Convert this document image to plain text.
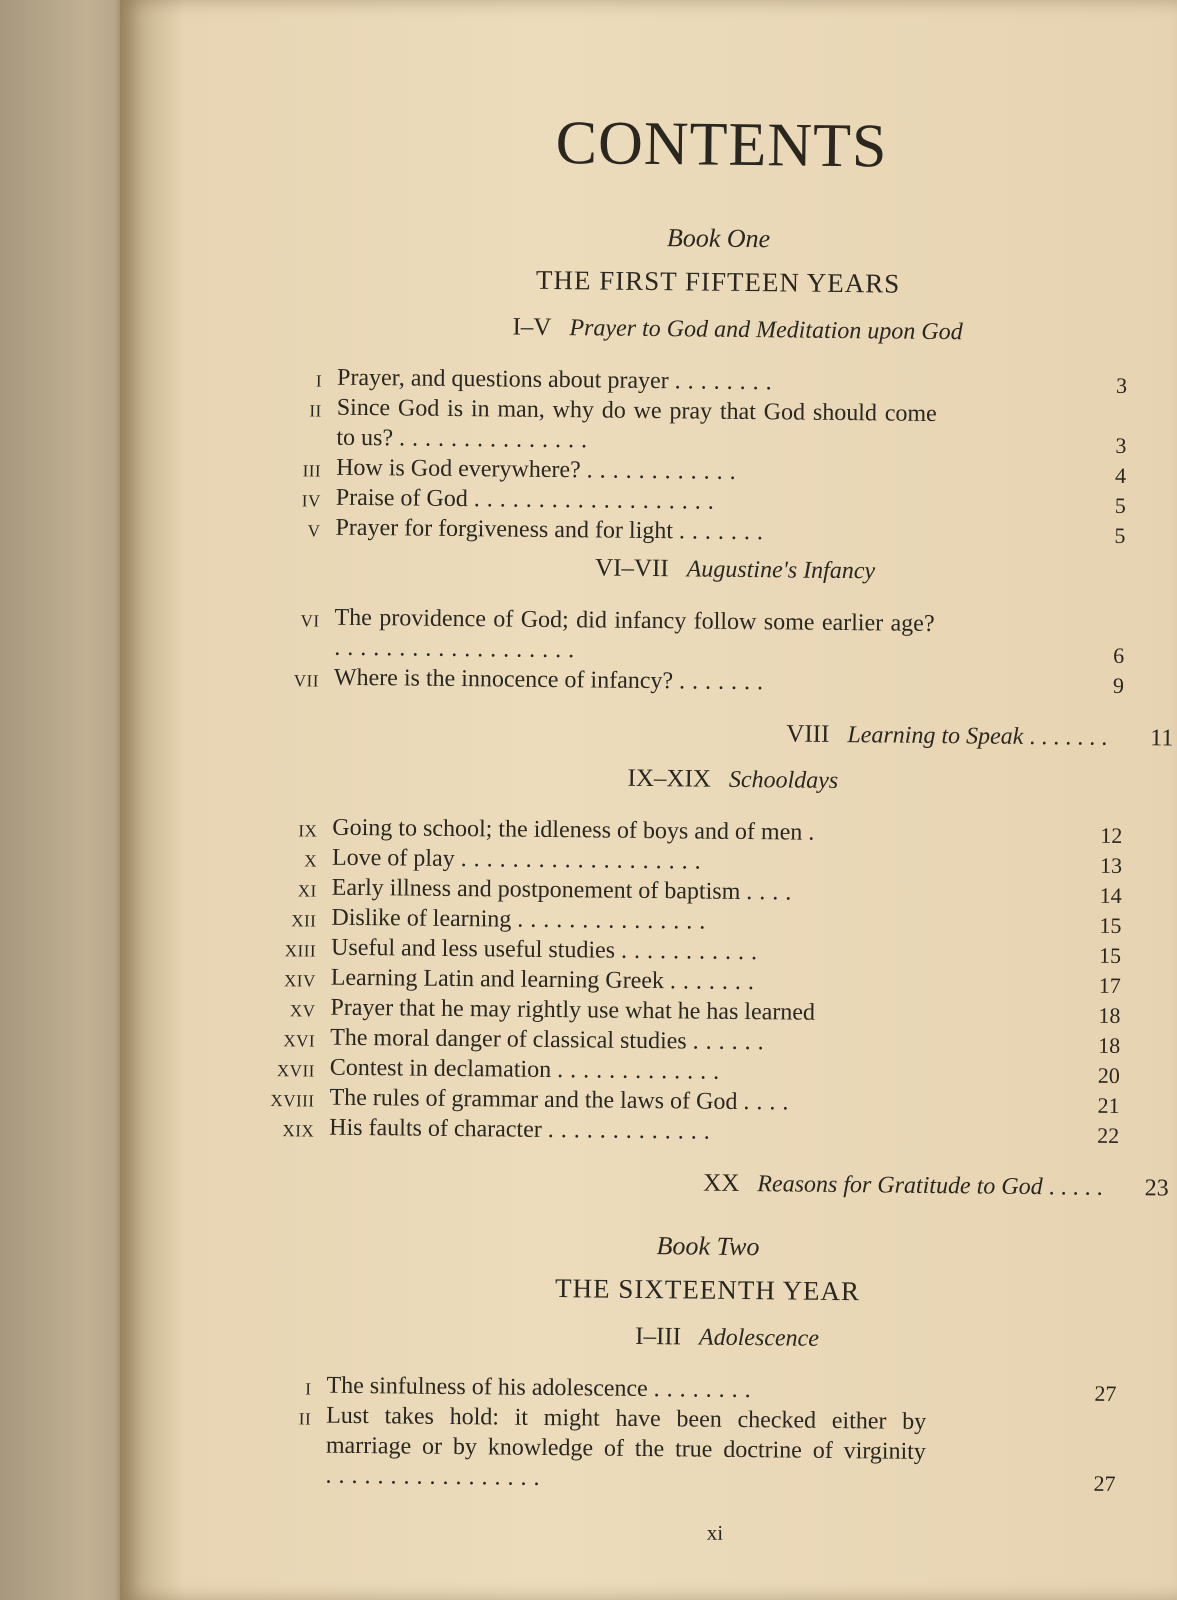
CONTENTS
Book One
THE FIRST FIFTEEN YEARS
I–V Prayer to God and Meditation upon God
I Prayer, and questions about prayer ........	3
II Since God is in man, why do we pray that God should come to us? ...............	3
III How is God everywhere? ............	4
IV Praise of God ...................	5
V Prayer for forgiveness and for light .......	5
VI–VII Augustine's Infancy
VI The providence of God; did infancy follow some earlier age? ...................	6
VII Where is the innocence of infancy? .......	9
VIII Learning to Speak .......	11
IX–XIX Schooldays
IX Going to school; the idleness of boys and of men .	12
X Love of play ...................	13
XI Early illness and postponement of baptism ....	14
XII Dislike of learning ...............	15
XIII Useful and less useful studies ...........	15
XIV Learning Latin and learning Greek .......	17
XV Prayer that he may rightly use what he has learned	18
XVI The moral danger of classical studies ......	18
XVII Contest in declamation .............	20
XVIII The rules of grammar and the laws of God ....	21
XIX His faults of character .............	22
XX Reasons for Gratitude to God .....	23
Book Two
THE SIXTEENTH YEAR
I–III Adolescence
I The sinfulness of his adolescence ........	27
II Lust takes hold: it might have been checked either by marriage or by knowledge of the true doctrine of virginity .................	27
xi
